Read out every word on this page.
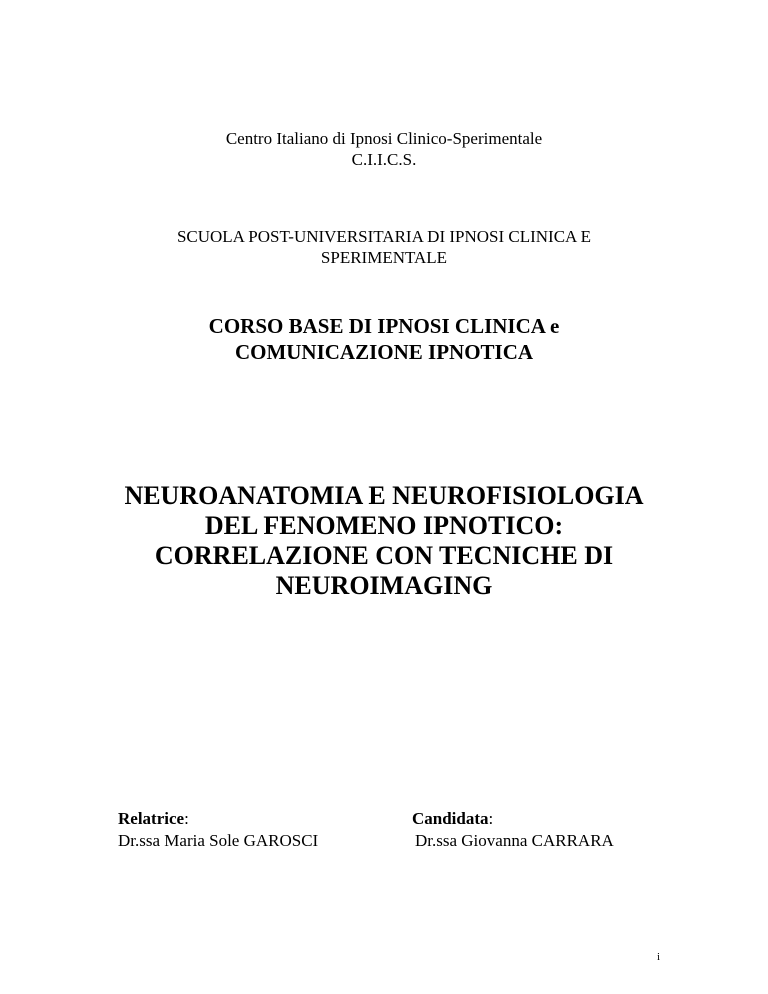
Centro Italiano di Ipnosi Clinico-Sperimentale
C.I.I.C.S.
SCUOLA POST-UNIVERSITARIA DI IPNOSI CLINICA E
SPERIMENTALE
CORSO BASE DI IPNOSI CLINICA e
COMUNICAZIONE IPNOTICA
NEUROANATOMIA E NEUROFISIOLOGIA
DEL FENOMENO IPNOTICO:
CORRELAZIONE CON TECNICHE DI
NEUROIMAGING
Relatrice:
Dr.ssa Maria Sole GAROSCI
Candidata:
Dr.ssa Giovanna CARRARA
i
